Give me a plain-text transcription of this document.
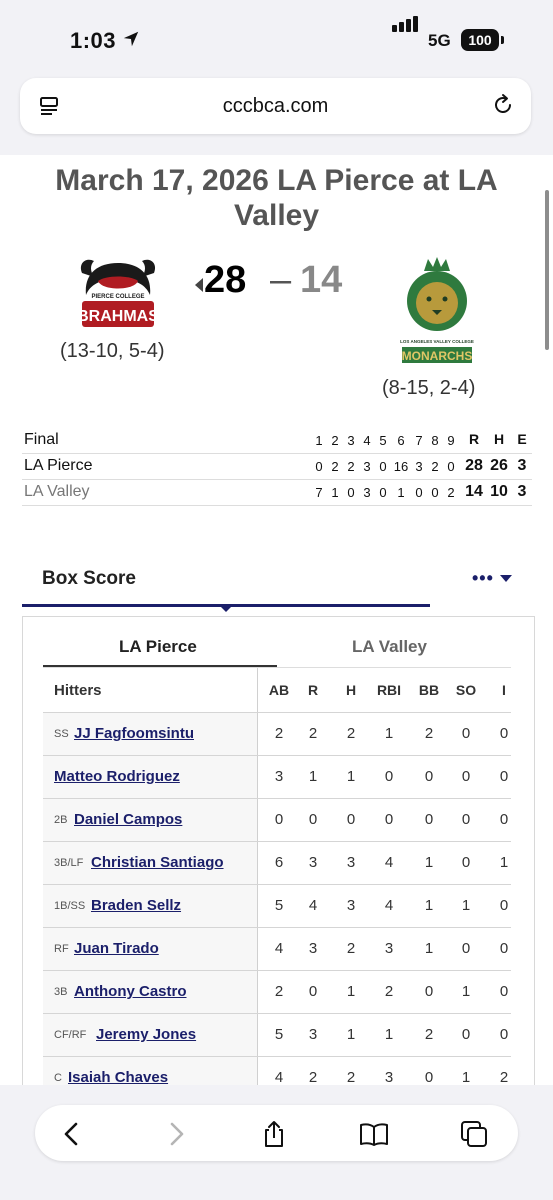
1:03	5G	100
cccbca.com
March 17, 2026 LA Pierce at LA Valley
PIERCE COLLEGE
BRAHMAS
(13-10, 5-4)
28 – 14
LOS ANGELES VALLEY COLLEGE
MONARCHS
(8-15, 2-4)
Final	1 2 3 4 5 6 7 8 9	R	H E
LA Pierce	0 2 2 3 0 16 3 2 0 28 26 3
LA Valley	7 1 0 3 0 1 0 0 2 14 10 3
Box Score	•••
LA Pierce	LA Valley
Hitters	AB	R	H	RBI	BB	SO	I
SS JJ Fagfoomsintu	2	2	2	1	2	0	0
Matteo Rodriguez	3	1	1	0	0	0	0
2B Daniel Campos	0	0	0	0	0	0	0
3B/LF Christian Santiago	6	3	3	4	1	0	1
1B/SS Braden Sellz	5	4	3	4	1	1	0
RF Juan Tirado	4	3	2	3	1	0	0
3B Anthony Castro	2	0	1	2	0	1	0
CF/RF Jeremy Jones	5	3	1	1	2	0	0
C Isaiah Chaves	4	2	2	3	0	1	2
